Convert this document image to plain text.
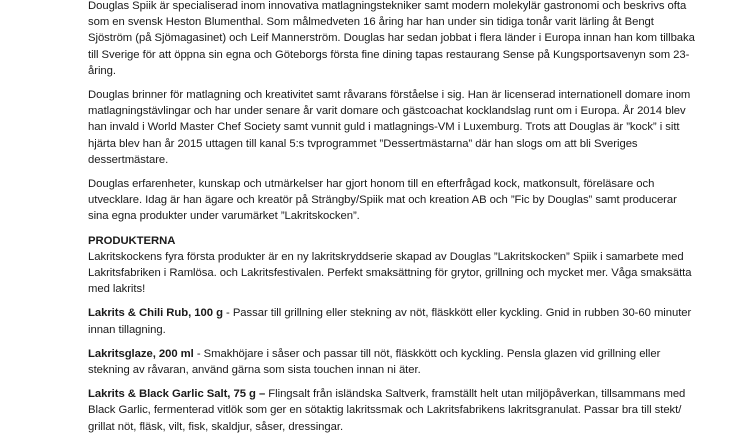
Douglas Spiik är specialiserad inom innovativa matlagningstekniker samt modern molekylär gastronomi och beskrivs ofta som en svensk Heston Blumenthal. Som målmedveten 16 åring har han under sin tidiga tonår varit lärling åt Bengt Sjöström (på Sjömagasinet) och Leif Mannerström. Douglas har sedan jobbat i flera länder i Europa innan han kom tillbaka till Sverige för att öppna sin egna och Göteborgs första fine dining tapas restaurang Sense på Kungsportsavenyn som 23-åring.

Douglas brinner för matlagning och kreativitet samt råvarans förståelse i sig. Han är licenserad internationell domare inom matlagningstävlingar och har under senare år varit domare och gästcoachat kocklandslag runt om i Europa. År 2014 blev han invald i World Master Chef Society samt vunnit guld i matlagnings-VM i Luxemburg. Trots att Douglas är ”kock” i sitt hjärta blev han år 2015 uttagen till kanal 5:s tvprogrammet ”Dessertmästarna” där han slogs om att bli Sveriges dessertmästare.

Douglas erfarenheter, kunskap och utmärkelser har gjort honom till en efterfrågad kock, matkonsult, föreläsare och utvecklare. Idag är han ägare och kreatör på Strängby/Spiik mat och kreation AB och ”Fic by Douglas” samt producerar sina egna produkter under varumärket ”Lakritskocken”.

PRODUKTERNA

Lakritskockens fyra första produkter är en ny lakritskryddserie skapad av Douglas ”Lakritskocken” Spiik i samarbete med Lakritsfabriken i Ramlösa. och Lakritsfestivalen. Perfekt smaksättning för grytor, grillning och mycket mer. Våga smaksätta med lakrits!

Lakrits & Chili Rub, 100 g - Passar till grillning eller stekning av nöt, fläskkött eller kyckling. Gnid in rubben 30-60 minuter innan tillagning.

Lakritsglaze, 200 ml - Smakhöjare i såser och passar till nöt, fläskkött och kyckling. Pensla glazen vid grillning eller stekning av råvaran, använd gärna som sista touchen innan ni äter.

Lakrits & Black Garlic Salt, 75 g – Flingsalt från isländska Saltverk, framställt helt utan miljöpåverkan, tillsammans med Black Garlic, fermenterad vitlök som ger en sötaktig lakritssmak och Lakritsfabrikens lakritsgranulat. Passar bra till stekt/ grillat nöt, fläsk, vilt, fisk, skaldjur, såser, dressingar.
